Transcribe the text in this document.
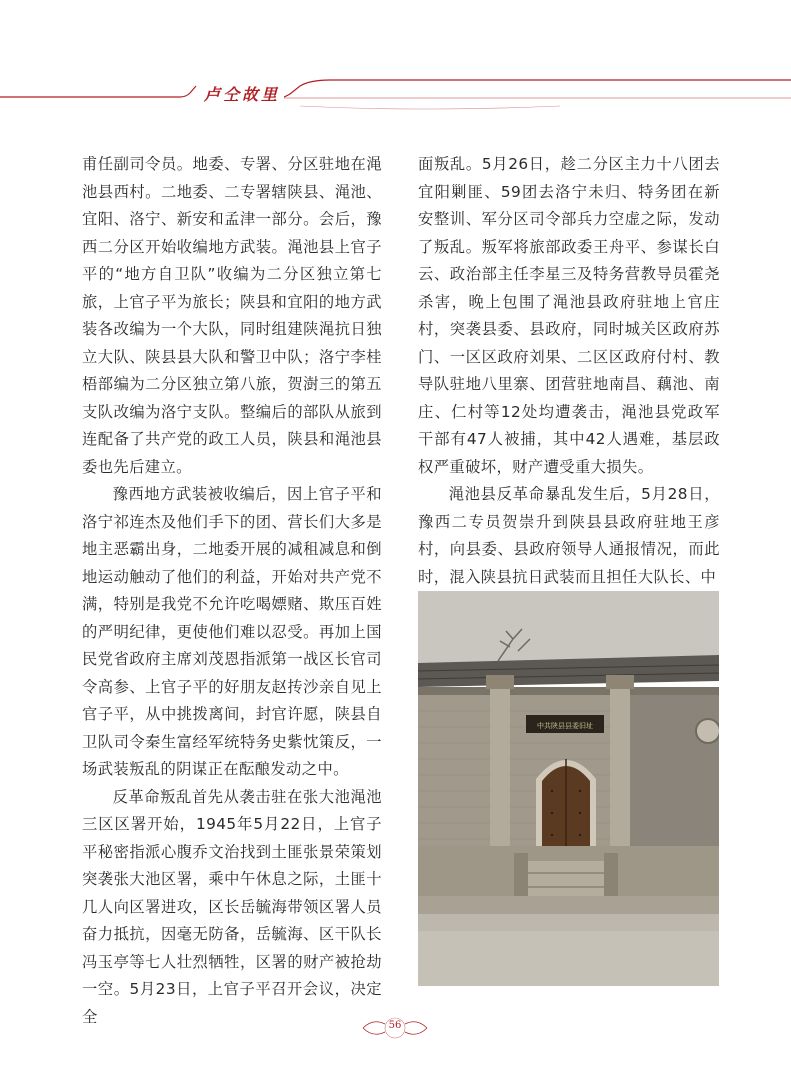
卢仝故里

甫任副司令员。地委、专署、分区驻地在渑池县西村。二地委、二专署辖陕县、渑池、宜阳、洛宁、新安和孟津一部分。会后，豫西二分区开始收编地方武装。渑池县上官子平的“地方自卫队”收编为二分区独立第七旅，上官子平为旅长；陕县和宜阳的地方武装各改编为一个大队，同时组建陕渑抗日独立大队、陕县县大队和警卫中队；洛宁李桂梧部编为二分区独立第八旅，贺澍三的第五支队改编为洛宁支队。整编后的部队从旅到连配备了共产党的政工人员，陕县和渑池县委也先后建立。

豫西地方武装被收编后，因上官子平和洛宁祁连杰及他们手下的团、营长们大多是地主恶霸出身，二地委开展的减租减息和倒地运动触动了他们的利益，开始对共产党不满，特别是我党不允许吃喝嫖赌、欺压百姓的严明纪律，更使他们难以忍受。再加上国民党省政府主席刘茂恩指派第一战区长官司令高参、上官子平的好朋友赵抟沙亲自见上官子平，从中挑拨离间，封官许愿，陕县自卫队司令秦生富经军统特务史紫忱策反，一场武装叛乱的阴谋正在酝酿发动之中。

反革命叛乱首先从袭击驻在张大池渑池三区区署开始，1945年5月22日，上官子平秘密指派心腹乔文治找到土匪张景荣策划突袭张大池区署，乘中午休息之际，土匪十几人向区署进攻，区长岳毓海带领区署人员奋力抵抗，因毫无防备，岳毓海、区干队长冯玉亭等七人壮烈牺牲，区署的财产被抢劫一空。5月23日，上官子平召开会议，决定全

面叛乱。5月26日，趁二分区主力十八团去宜阳剿匪、59团去洛宁未归、特务团在新安整训、军分区司令部兵力空虚之际，发动了叛乱。叛军将旅部政委王舟平、参谋长白云、政治部主任李星三及特务营教导员霍尧杀害，晚上包围了渑池县政府驻地上官庄村，突袭县委、县政府，同时城关区政府苏门、一区区政府刘果、二区区政府付村、教导队驻地八里寨、团营驻地南昌、藕池、南庄、仁村等12处均遭袭击，渑池县党政军干部有47人被捕，其中42人遇难，基层政权严重破坏，财产遭受重大损失。

渑池县反革命暴乱发生后，5月28日，豫西二专员贺崇升到陕县县政府驻地王彦村，向县委、县政府领导人通报情况，而此时，混入陕县抗日武装而且担任大队长、中

中共陕县县委旧址
56
